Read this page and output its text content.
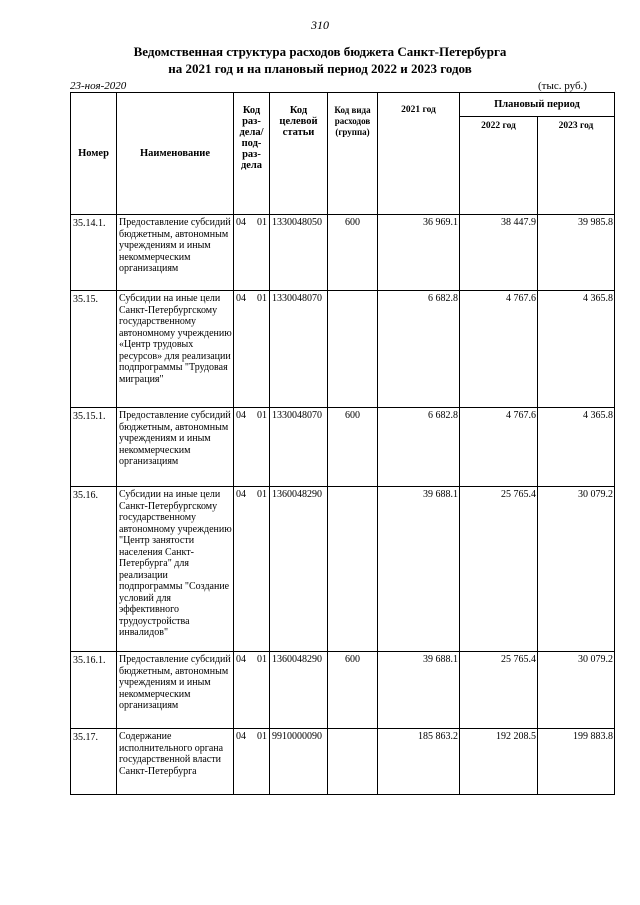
310
Ведомственная структура расходов бюджета Санкт-Петербурга
на 2021 год и на плановый период 2022 и 2023 годов
23-ноя-2020	(тыс. руб.)
Номер	Наименование	Код раз-дела/ под-раз-дела	Код целевой статьи	Код вида расходов (группа)	2021 год	Плановый период	
						2022 год	2023 год
35.14.1.	Предоставление субсидий бюджетным, автономным учреждениям и иным некоммерческим организациям	04 01	1330048050	600	36 969.1	38 447.9	39 985.8
35.15.	Субсидии на иные цели Санкт-Петербургскому государственному автономному учреждению «Центр трудовых ресурсов» для реализации подпрограммы "Трудовая миграция"	04 01	1330048070		6 682.8	4 767.6	4 365.8
35.15.1.	Предоставление субсидий бюджетным, автономным учреждениям и иным некоммерческим организациям	04 01	1330048070	600	6 682.8	4 767.6	4 365.8
35.16.	Субсидии на иные цели Санкт-Петербургскому государственному автономному учреждению "Центр занятости населения Санкт-Петербурга" для реализации подпрограммы "Создание условий для эффективного трудоустройства инвалидов"	04 01	1360048290		39 688.1	25 765.4	30 079.2
35.16.1.	Предоставление субсидий бюджетным, автономным учреждениям и иным некоммерческим организациям	04 01	1360048290	600	39 688.1	25 765.4	30 079.2
35.17.	Содержание исполнительного органа государственной власти Санкт-Петербурга	04 01	9910000090		185 863.2	192 208.5	199 883.8
